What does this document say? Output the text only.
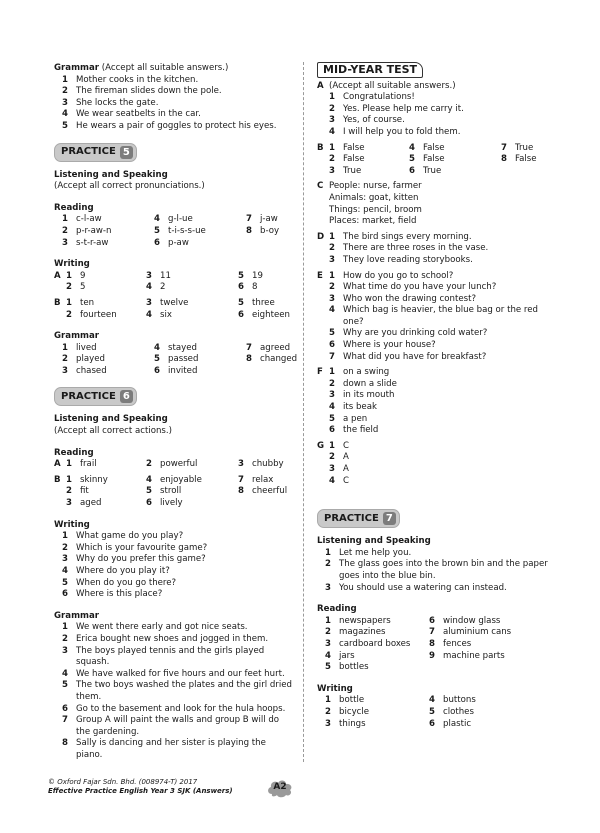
Grammar (Accept all suitable answers.)
1 Mother cooks in the kitchen.
2 The fireman slides down the pole.
3 She locks the gate.
4 We wear seatbelts in the car.
5 He wears a pair of goggles to protect his eyes.
PRACTICE 5
Listening and Speaking
(Accept all correct pronunciations.)
Reading
1 c-l-aw	4 g-l-ue	7 j-aw
2 p-r-aw-n	5 t-i-s-s-ue	8 b-oy
3 s-t-r-aw	6 p-aw
Writing
A 1 9	3 11	5 19
2 5	4 2	6 8
B 1 ten	3 twelve	5 three
2 fourteen	4 six	6 eighteen
Grammar
1 lived	4 stayed	7 agreed
2 played	5 passed	8 changed
3 chased	6 invited
PRACTICE 6
Listening and Speaking
(Accept all correct actions.)
Reading
A 1 frail	2 powerful	3 chubby
B 1 skinny	4 enjoyable	7 relax
2 fit	5 stroll	8 cheerful
3 aged	6 lively
Writing
1 What game do you play?
2 Which is your favourite game?
3 Why do you prefer this game?
4 Where do you play it?
5 When do you go there?
6 Where is this place?
Grammar
1 We went there early and got nice seats.
2 Erica bought new shoes and jogged in them.
3 The boys played tennis and the girls played squash.
4 We have walked for five hours and our feet hurt.
5 The two boys washed the plates and the girl dried them.
6 Go to the basement and look for the hula hoops.
7 Group A will paint the walls and group B will do the gardening.
8 Sally is dancing and her sister is playing the piano.
MID-YEAR TEST
A (Accept all suitable answers.)
1 Congratulations!
2 Yes. Please help me carry it.
3 Yes, of course.
4 I will help you to fold them.
B 1 False	4 False	7 True
2 False	5 False	8 False
3 True	6 True
C People: nurse, farmer
Animals: goat, kitten
Things: pencil, broom
Places: market, field
D 1 The bird sings every morning.
2 There are three roses in the vase.
3 They love reading storybooks.
E 1 How do you go to school?
2 What time do you have your lunch?
3 Who won the drawing contest?
4 Which bag is heavier, the blue bag or the red one?
5 Why are you drinking cold water?
6 Where is your house?
7 What did you have for breakfast?
F 1 on a swing
2 down a slide
3 in its mouth
4 its beak
5 a pen
6 the field
G 1 C
2 A
3 A
4 C
PRACTICE 7
Listening and Speaking
1 Let me help you.
2 The glass goes into the brown bin and the paper goes into the blue bin.
3 You should use a watering can instead.
Reading
1 newspapers	6 window glass
2 magazines	7 aluminium cans
3 cardboard boxes	8 fences
4 jars	9 machine parts
5 bottles
Writing
1 bottle	4 buttons
2 bicycle	5 clothes
3 things	6 plastic
© Oxford Fajar Sdn. Bhd. (008974-T) 2017
Effective Practice English Year 3 SJK (Answers)	A2
